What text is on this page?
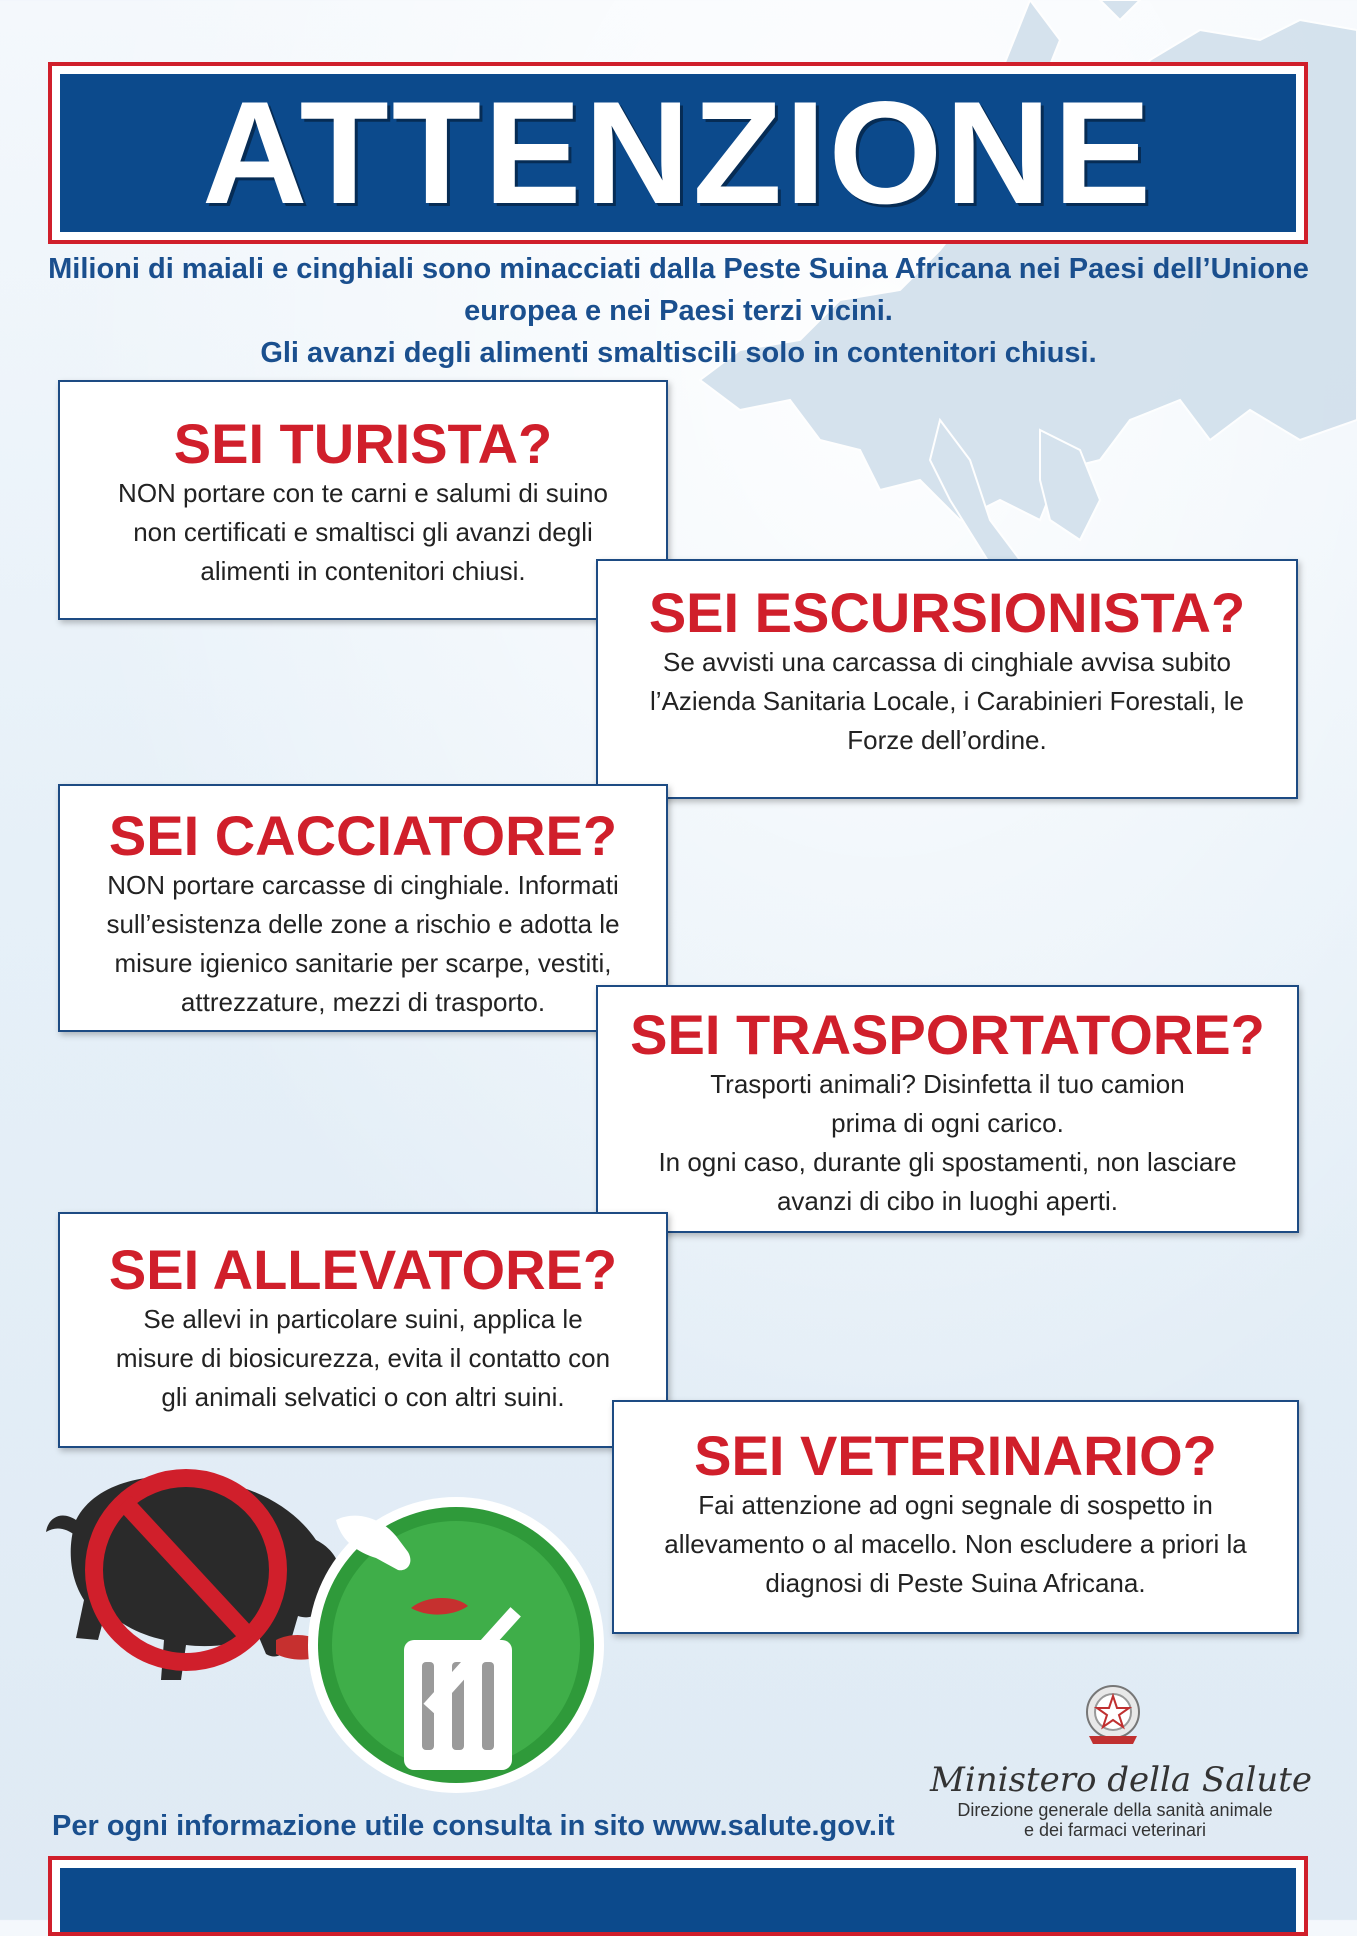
ATTENZIONE
Milioni di maiali e cinghiali sono minacciati dalla Peste Suina Africana nei Paesi dell’Unione
europea e nei Paesi terzi vicini.
Gli avanzi degli alimenti smaltiscili solo in contenitori chiusi.
SEI TURISTA?
NON portare con te carni e salumi di suino
non certificati e smaltisci gli avanzi degli
alimenti in contenitori chiusi.
SEI ESCURSIONISTA?
Se avvisti una carcassa di cinghiale avvisa subito
l’Azienda Sanitaria Locale, i Carabinieri Forestali, le
Forze dell’ordine.
SEI CACCIATORE?
NON portare carcasse di cinghiale. Informati
sull’esistenza delle zone a rischio e adotta le
misure igienico sanitarie per scarpe, vestiti,
attrezzature, mezzi di trasporto.
SEI TRASPORTATORE?
Trasporti animali? Disinfetta il tuo camion
prima di ogni carico.
In ogni caso, durante gli spostamenti, non lasciare
avanzi di cibo in luoghi aperti.
SEI ALLEVATORE?
Se allevi in particolare suini, applica le
misure di biosicurezza, evita il contatto con
gli animali selvatici o con altri suini.
SEI VETERINARIO?
Fai attenzione ad ogni segnale di sospetto in
allevamento o al macello. Non escludere a priori la
diagnosi di Peste Suina Africana.
Per ogni informazione utile consulta in sito www.salute.gov.it
Ministero della Salute
Direzione generale della sanità animale
e dei farmaci veterinari
